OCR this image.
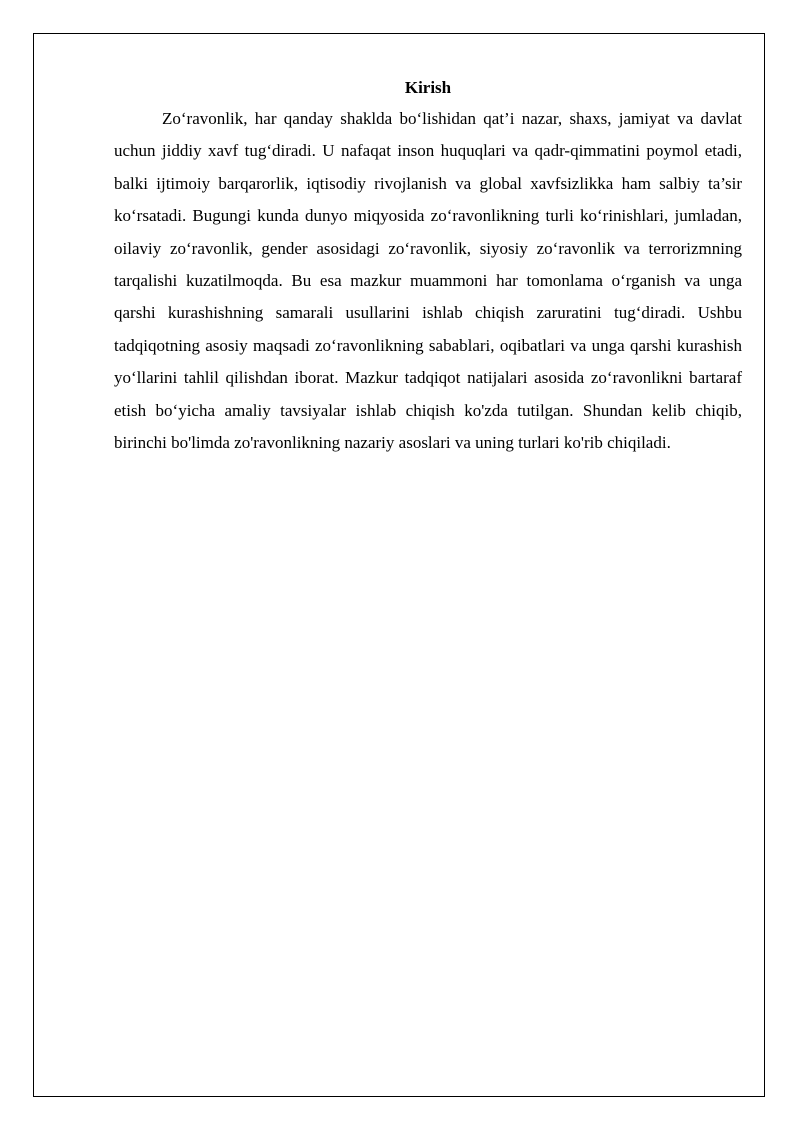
Kirish

Zo‘ravonlik, har qanday shaklda bo‘lishidan qat’i nazar, shaxs, jamiyat va davlat uchun jiddiy xavf tug‘diradi. U nafaqat inson huquqlari va qadr-qimmatini poymol etadi, balki ijtimoiy barqarorlik, iqtisodiy rivojlanish va global xavfsizlikka ham salbiy ta’sir ko‘rsatadi. Bugungi kunda dunyo miqyosida zo‘ravonlikning turli ko‘rinishlari, jumladan, oilaviy zo‘ravonlik, gender asosidagi zo‘ravonlik, siyosiy zo‘ravonlik va terrorizmning tarqalishi kuzatilmoqda. Bu esa mazkur muammoni har tomonlama o‘rganish va unga qarshi kurashishning samarali usullarini ishlab chiqish zaruratini tug‘diradi. Ushbu tadqiqotning asosiy maqsadi zo‘ravonlikning sabablari, oqibatlari va unga qarshi kurashish yo‘llarini tahlil qilishdan iborat. Mazkur tadqiqot natijalari asosida zo‘ravonlikni bartaraf etish bo‘yicha amaliy tavsiyalar ishlab chiqish ko'zda tutilgan. Shundan kelib chiqib, birinchi bo'limda zo'ravonlikning nazariy asoslari va uning turlari ko'rib chiqiladi.
